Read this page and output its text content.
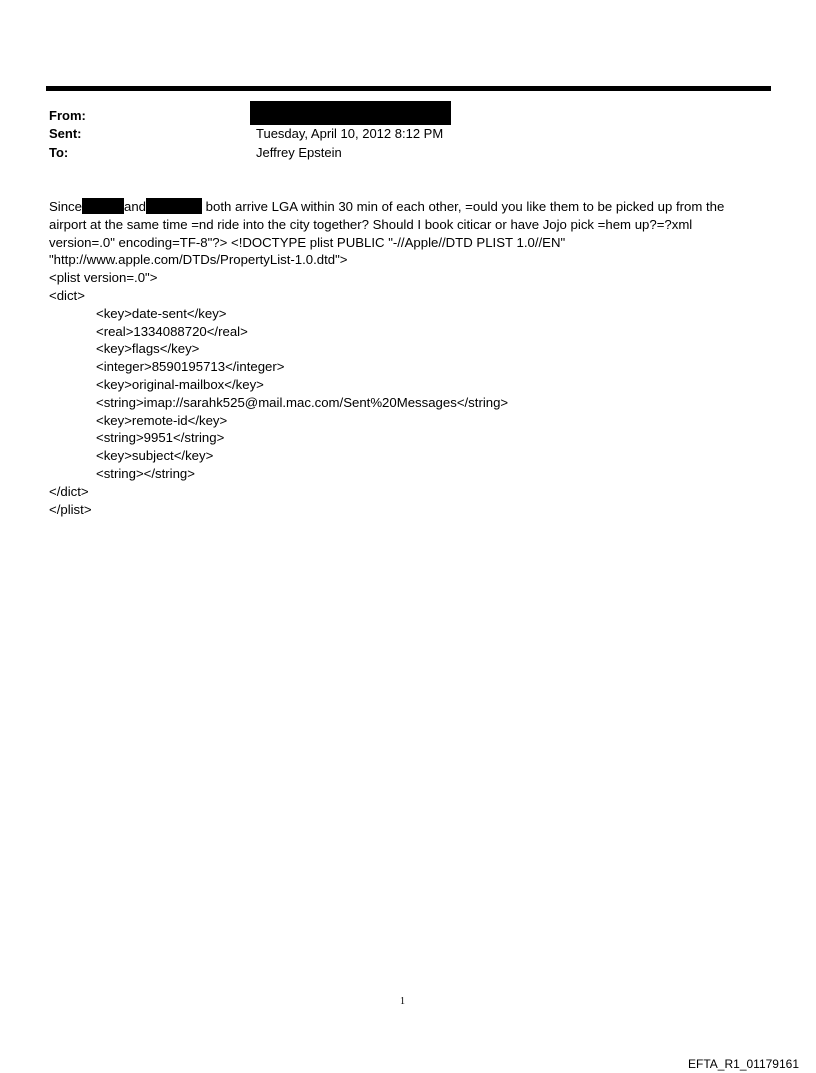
From:
Sent:	Tuesday, April 10, 2012 8:12 PM
To:	Jeffrey Epstein
Since	and	both arrive LGA within 30 min of each other, =ould you like them to be picked up from the
airport at the same time =nd ride into the city together? Should I book citicar or have Jojo pick =hem up?=?xml
version=.0" encoding=TF-8"?> <!DOCTYPE plist PUBLIC "-//Apple//DTD PLIST 1.0//EN"
"http://www.apple.com/DTDs/PropertyList-1.0.dtd">
<plist version=.0">
<dict>
<key>date-sent</key>
<real>1334088720</real>
<key>flags</key>
<integer>8590195713</integer>
<key>original-mailbox</key>
<string>imap://sarahk525@mail.mac.com/Sent%20Messages</string>
<key>remote-id</key>
<string>9951</string>
<key>subject</key>
<string></string>
</dict>
</plist>
1
EFTA_R1_01179161
